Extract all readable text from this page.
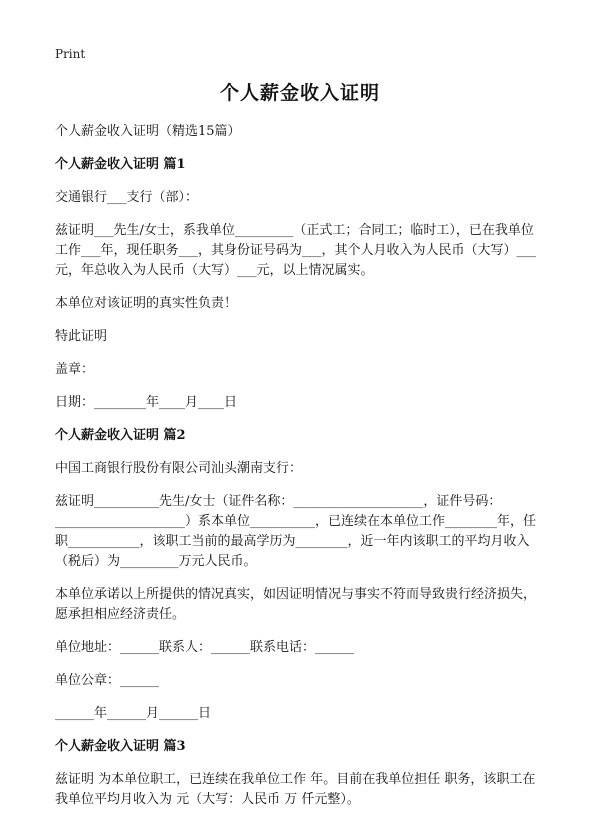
Print
个人薪金收入证明
个人薪金收入证明（精选15篇）
个人薪金收入证明 篇1
交通银行___支行（部）：
兹证明___先生/女士，系我单位_________（正式工；合同工；临时工），已在我单位工作___年，现任职务___，其身份证号码为___，其个人月收入为人民币（大写）___元，年总收入为人民币（大写）___元，以上情况属实。
本单位对该证明的真实性负责！
特此证明
盖章：
日期：________年____月____日
个人薪金收入证明 篇2
中国工商银行股份有限公司汕头潮南支行：
兹证明__________先生/女士（证件名称：____________________，证件号码：____________________）系本单位__________，已连续在本单位工作________年，任职___________，该职工当前的最高学历为________，近一年内该职工的平均月收入（税后）为_________万元人民币。
本单位承诺以上所提供的情况真实，如因证明情况与事实不符而导致贵行经济损失，愿承担相应经济责任。
单位地址：______联系人：______联系电话：______
单位公章：______
______年______月______日
个人薪金收入证明 篇3
兹证明 为本单位职工，已连续在我单位工作 年。目前在我单位担任 职务，该职工在我单位平均月收入为 元（大写：人民币 万 仟元整）。
